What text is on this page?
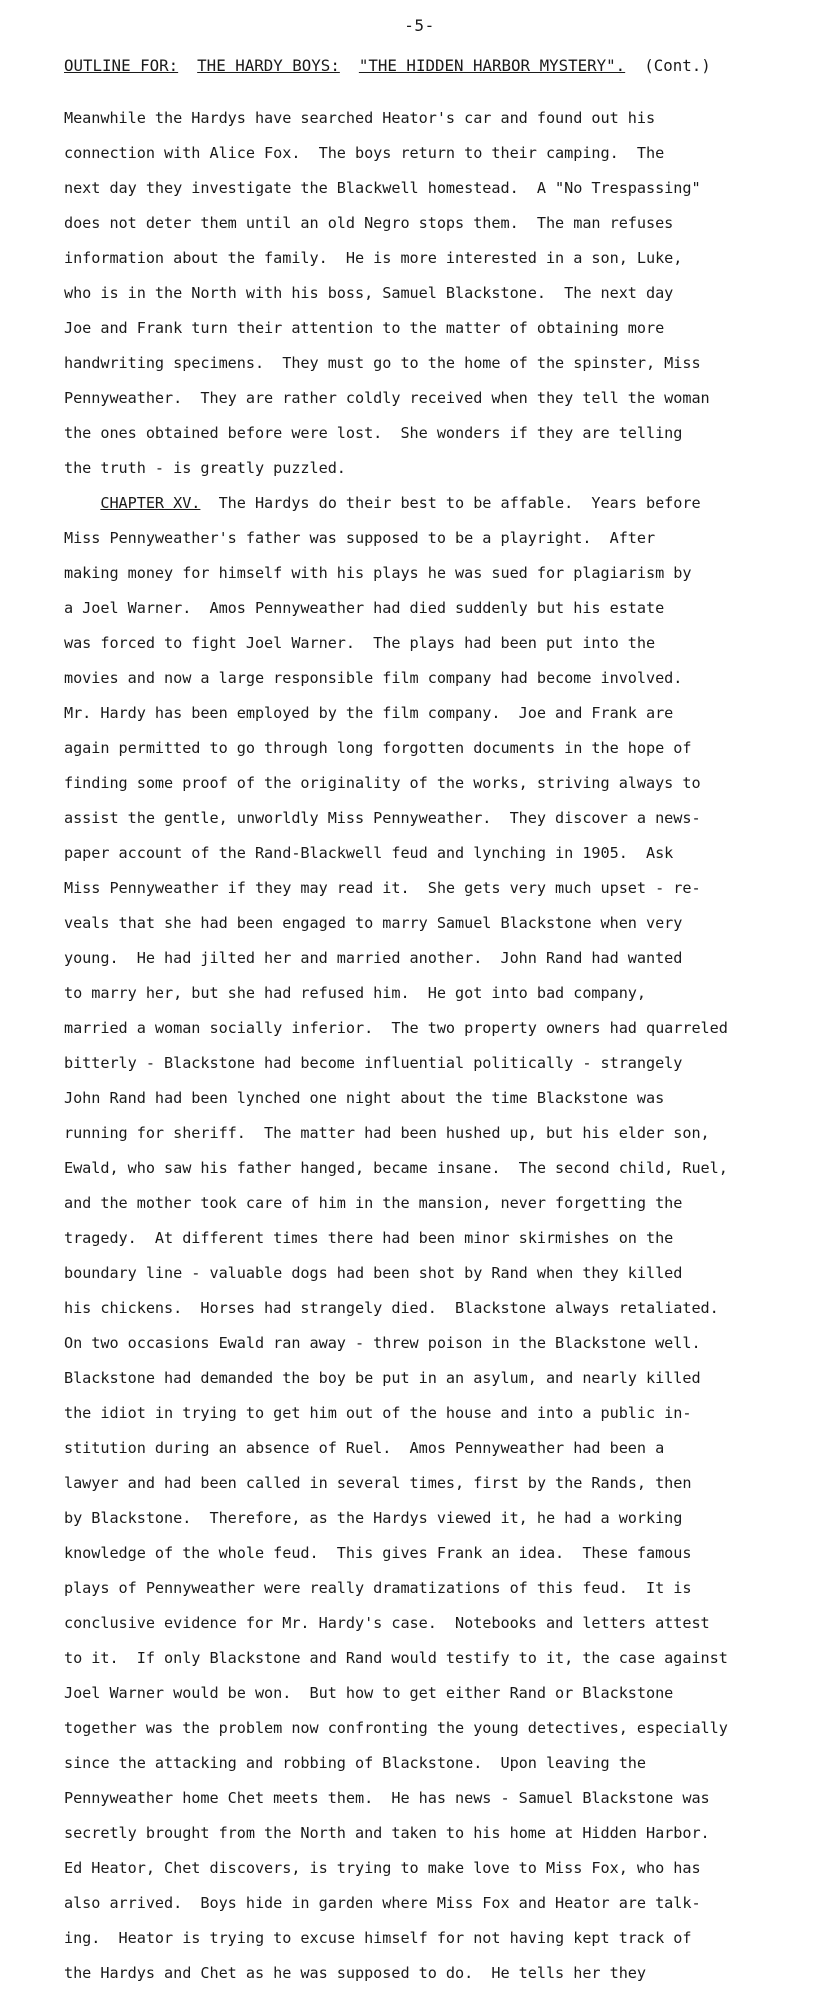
-5-
OUTLINE FOR: THE HARDY BOYS: "THE HIDDEN HARBOR MYSTERY". (Cont.)

Meanwhile the Hardys have searched Heator's car and found out his

connection with Alice Fox.  The boys return to their camping.  The

next day they investigate the Blackwell homestead.  A "No Trespassing"

does not deter them until an old Negro stops them.  The man refuses

information about the family.  He is more interested in a son, Luke,

who is in the North with his boss, Samuel Blackstone.  The next day

Joe and Frank turn their attention to the matter of obtaining more

handwriting specimens.  They must go to the home of the spinster, Miss

Pennyweather.  They are rather coldly received when they tell the woman

the ones obtained before were lost.  She wonders if they are telling

the truth - is greatly puzzled.

CHAPTER XV.  The Hardys do their best to be affable.  Years before

Miss Pennyweather's father was supposed to be a playright.  After

making money for himself with his plays he was sued for plagiarism by

a Joel Warner.  Amos Pennyweather had died suddenly but his estate

was forced to fight Joel Warner.  The plays had been put into the

movies and now a large responsible film company had become involved.

Mr. Hardy has been employed by the film company.  Joe and Frank are

again permitted to go through long forgotten documents in the hope of

finding some proof of the originality of the works, striving always to

assist the gentle, unworldly Miss Pennyweather.  They discover a news-

paper account of the Rand-Blackwell feud and lynching in 1905.  Ask

Miss Pennyweather if they may read it.  She gets very much upset - re-

veals that she had been engaged to marry Samuel Blackstone when very

young.  He had jilted her and married another.  John Rand had wanted

to marry her, but she had refused him.  He got into bad company,

married a woman socially inferior.  The two property owners had quarreled

bitterly - Blackstone had become influential politically - strangely

John Rand had been lynched one night about the time Blackstone was

running for sheriff.  The matter had been hushed up, but his elder son,

Ewald, who saw his father hanged, became insane.  The second child, Ruel,

and the mother took care of him in the mansion, never forgetting the

tragedy.  At different times there had been minor skirmishes on the

boundary line - valuable dogs had been shot by Rand when they killed

his chickens.  Horses had strangely died.  Blackstone always retaliated.

On two occasions Ewald ran away - threw poison in the Blackstone well.

Blackstone had demanded the boy be put in an asylum, and nearly killed

the idiot in trying to get him out of the house and into a public in-

stitution during an absence of Ruel.  Amos Pennyweather had been a

lawyer and had been called in several times, first by the Rands, then

by Blackstone.  Therefore, as the Hardys viewed it, he had a working

knowledge of the whole feud.  This gives Frank an idea.  These famous

plays of Pennyweather were really dramatizations of this feud.  It is

conclusive evidence for Mr. Hardy's case.  Notebooks and letters attest

to it.  If only Blackstone and Rand would testify to it, the case against

Joel Warner would be won.  But how to get either Rand or Blackstone

together was the problem now confronting the young detectives, especially

since the attacking and robbing of Blackstone.  Upon leaving the

Pennyweather home Chet meets them.  He has news - Samuel Blackstone was

secretly brought from the North and taken to his home at Hidden Harbor.

Ed Heator, Chet discovers, is trying to make love to Miss Fox, who has

also arrived.  Boys hide in garden where Miss Fox and Heator are talk-

ing.  Heator is trying to excuse himself for not having kept track of

the Hardys and Chet as he was supposed to do.  He tells her they
